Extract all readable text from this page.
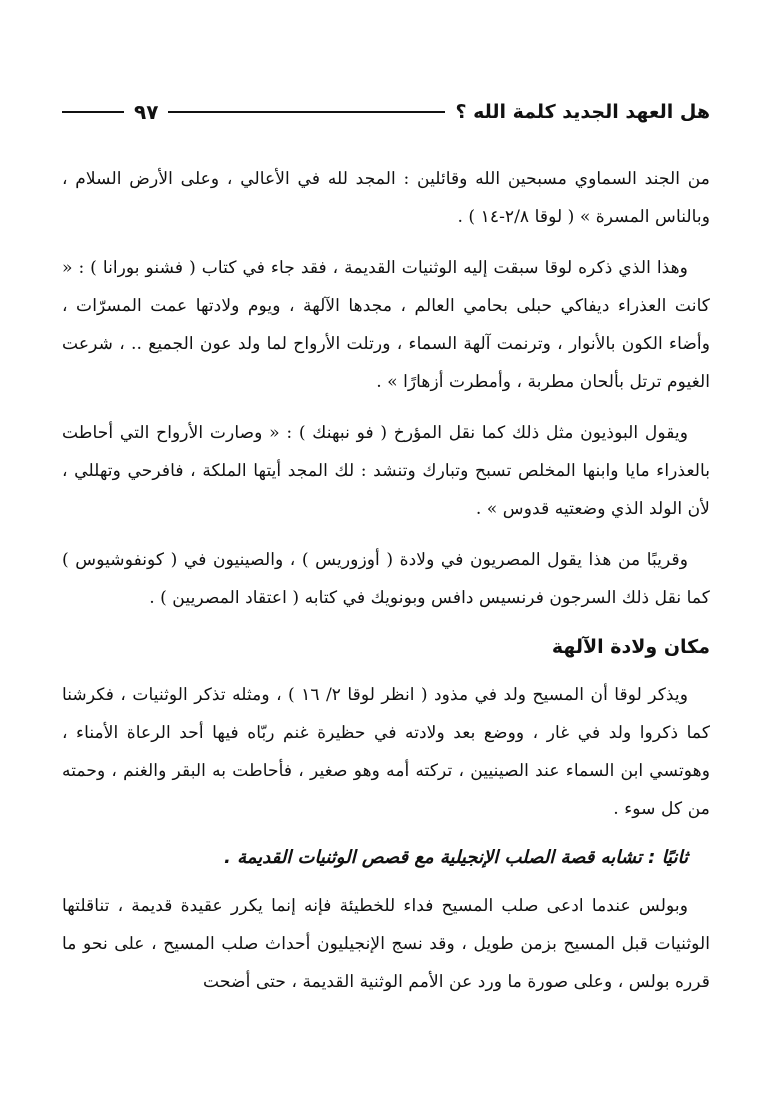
هل العهد الجديد كلمة الله ؟
٩٧

من الجند السماوي مسبحين الله وقائلين : المجد لله في الأعالي ، وعلى الأرض السلام ، وبالناس المسرة » ( لوقا ٢/٨-١٤ ) .

وهذا الذي ذكره لوقا سبقت إليه الوثنيات القديمة ، فقد جاء في كتاب ( فشنو بورانا ) : « كانت العذراء ديفاكي حبلى بحامي العالم ، مجدها الآلهة ، ويوم ولادتها عمت المسرّات ، وأضاء الكون بالأنوار ، وترنمت آلهة السماء ، ورتلت الأرواح لما ولد عون الجميع .. ، شرعت الغيوم ترتل بألحان مطربة ، وأمطرت أزهارًا » .

ويقول البوذيون مثل ذلك كما نقل المؤرخ ( فو نبهنك ) : « وصارت الأرواح التي أحاطت بالعذراء مايا وابنها المخلص تسبح وتبارك وتنشد : لك المجد أيتها الملكة ، فافرحي وتهللي ، لأن الولد الذي وضعتيه قدوس » .

وقريبًا من هذا يقول المصريون في ولادة ( أوزوريس ) ، والصينيون في ( كونفوشيوس ) كما نقل ذلك السرجون فرنسيس دافس وبونويك في كتابه ( اعتقاد المصريين ) .

مكان ولادة الآلهة

ويذكر لوقا أن المسيح ولد في مذود ( انظر لوقا ٢/ ١٦ ) ، ومثله تذكر الوثنيات ، فكرشنا كما ذكروا ولد في غار ، ووضع بعد ولادته في حظيرة غنم ربّاه فيها أحد الرعاة الأمناء ، وهوتسي ابن السماء عند الصينيين ، تركته أمه وهو صغير ، فأحاطت به البقر والغنم ، وحمته من كل سوء .

ثانيًا : تشابه قصة الصلب الإنجيلية مع قصص الوثنيات القديمة .

وبولس عندما ادعى صلب المسيح فداء للخطيئة فإنه إنما يكرر عقيدة قديمة ، تناقلتها الوثنيات قبل المسيح بزمن طويل ، وقد نسج الإنجيليون أحداث صلب المسيح ، على نحو ما قرره بولس ، وعلى صورة ما ورد عن الأمم الوثنية القديمة ، حتى أضحت
